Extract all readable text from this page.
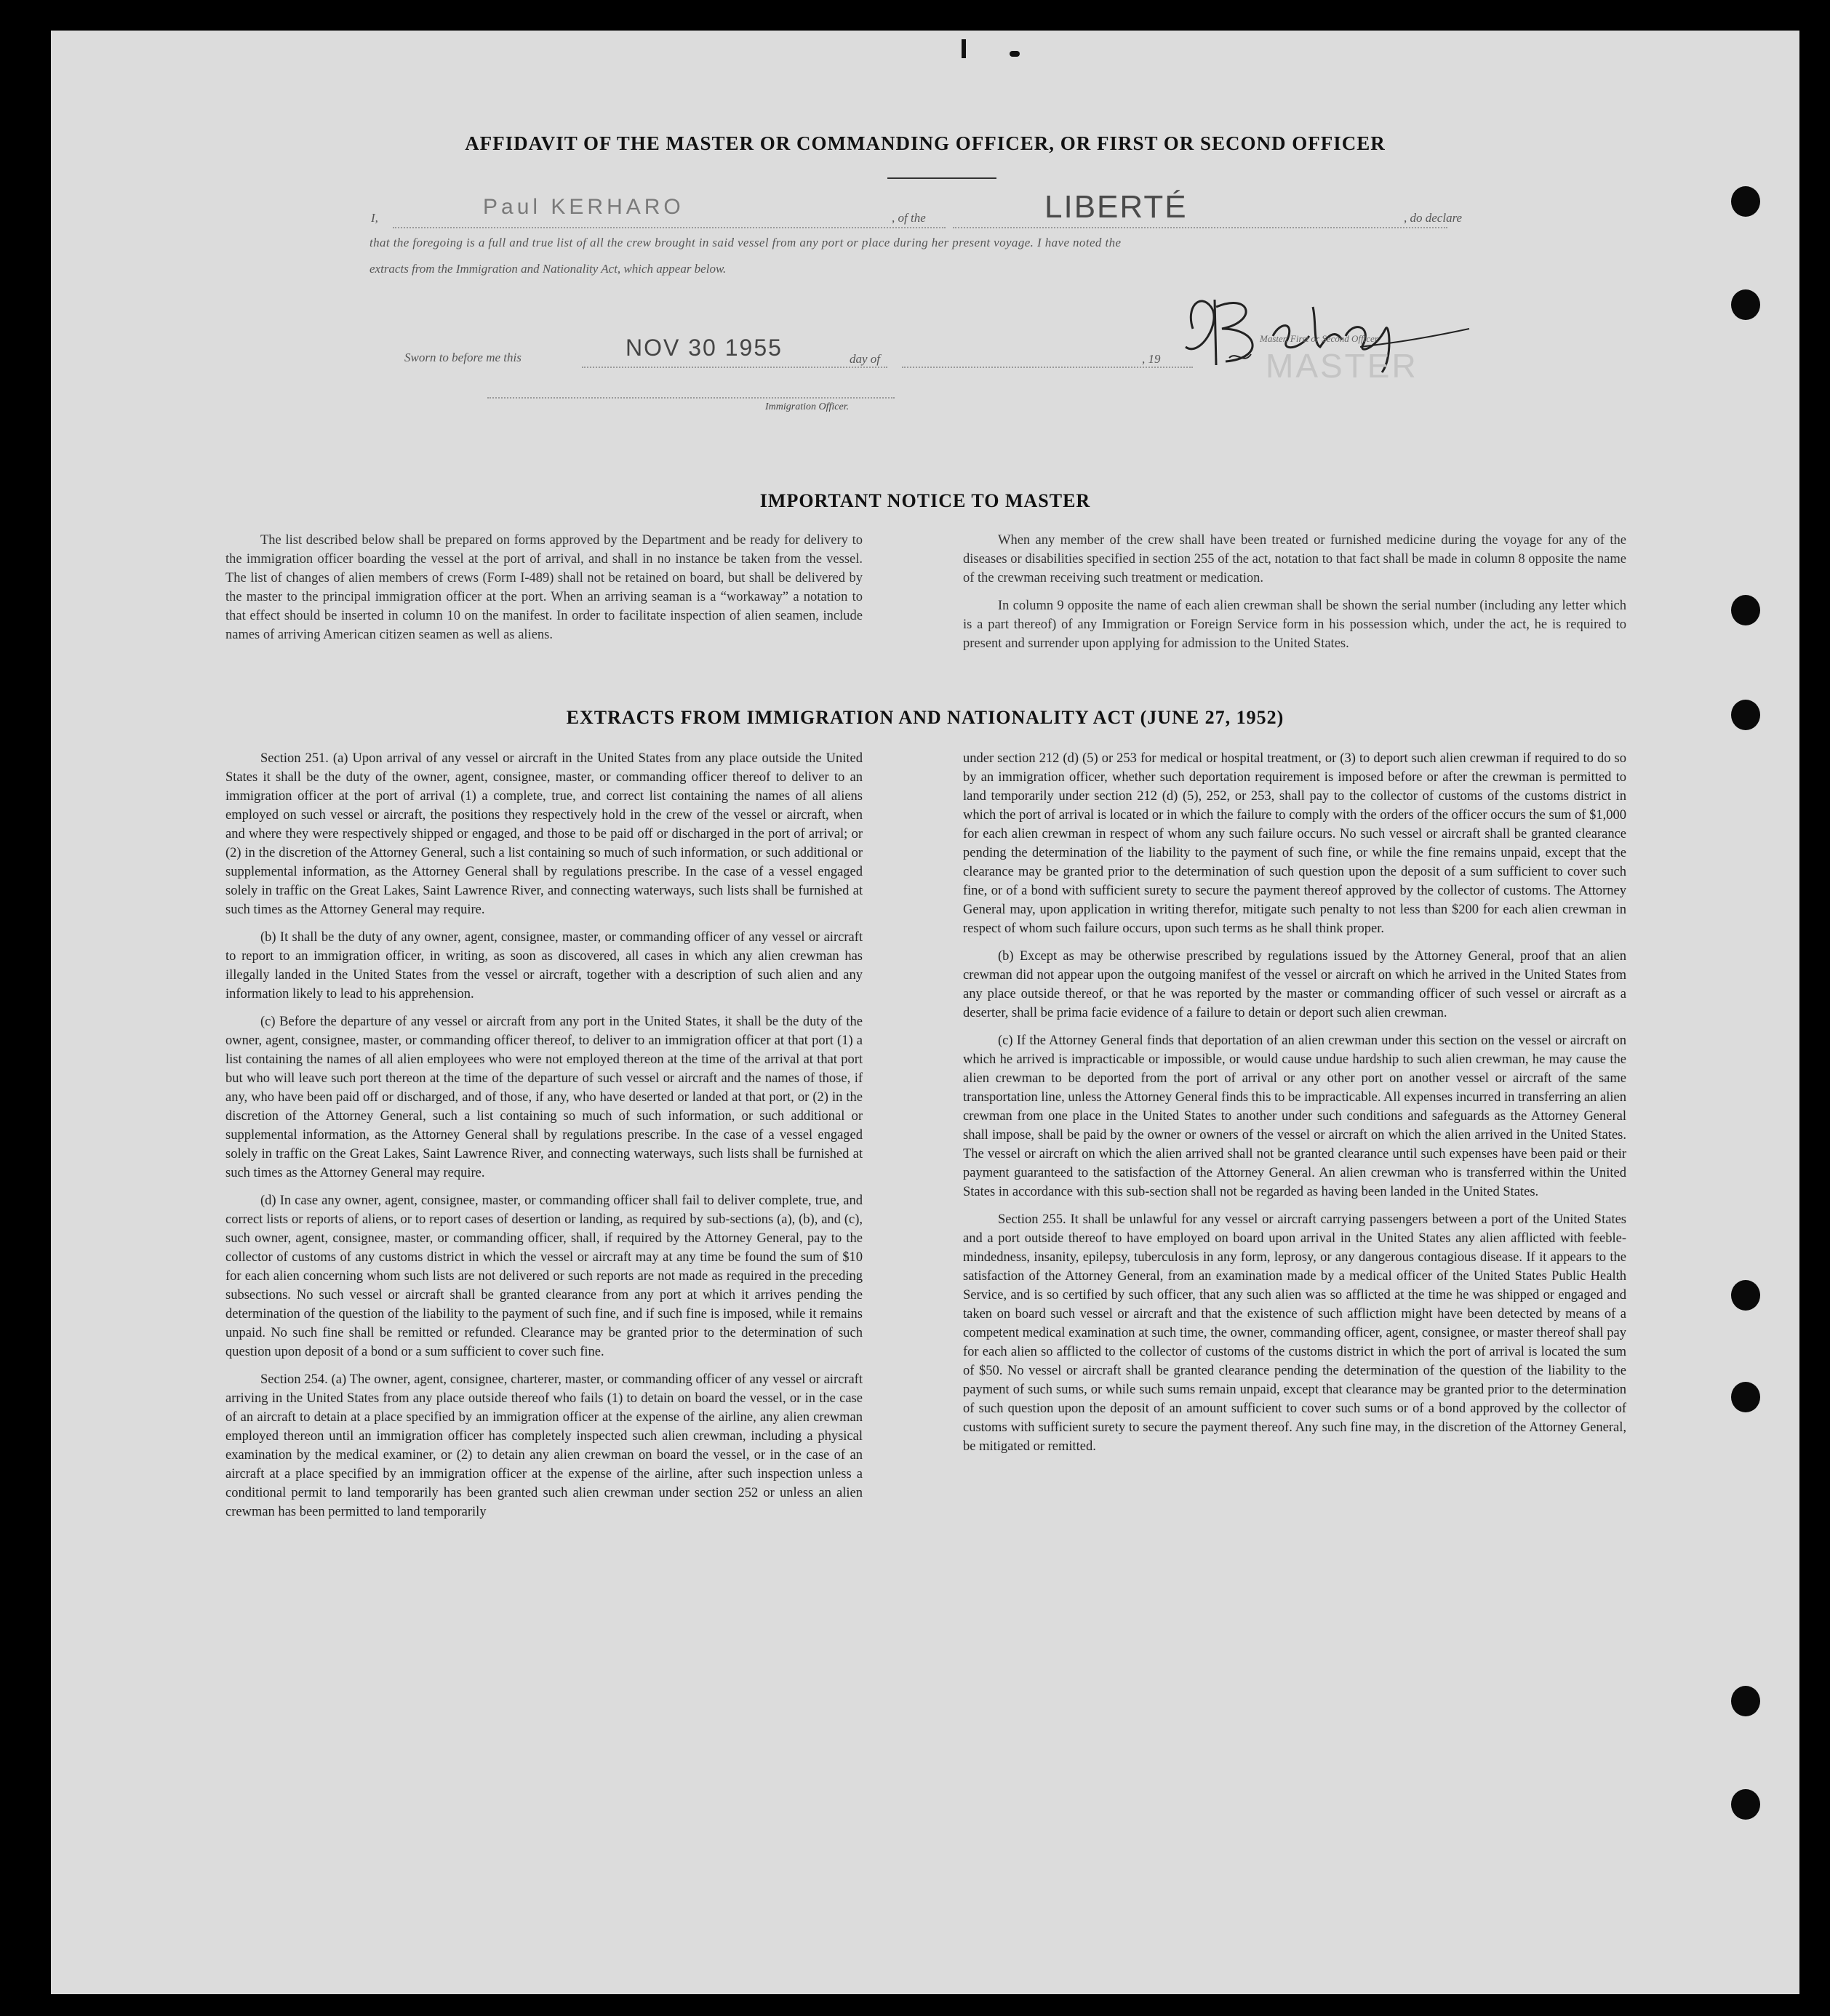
AFFIDAVIT OF THE MASTER OR COMMANDING OFFICER, OR FIRST OR SECOND OFFICER
I,	Paul KERHARO	, of the	LIBERTÉ	, do declare
that the foregoing is a full and true list of all the crew brought in said vessel from any port or place during her present voyage. I have noted the
extracts from the Immigration and Nationality Act, which appear below.
Master, First or Second Officer.
MASTER
Sworn to before me this	NOV 30 1955	day of	, 19
Immigration Officer.
IMPORTANT NOTICE TO MASTER

The list described below shall be prepared on forms approved by the Department and be ready for delivery to the immigration officer boarding the vessel at the port of arrival, and shall in no instance be taken from the vessel. The list of changes of alien members of crews (Form I-489) shall not be retained on board, but shall be delivered by the master to the principal immigration officer at the port. When an arriving seaman is a “workaway” a notation to that effect should be inserted in column 10 on the manifest. In order to facilitate inspection of alien seamen, include names of arriving American citizen seamen as well as aliens.

When any member of the crew shall have been treated or furnished medicine during the voyage for any of the diseases or disabilities specified in section 255 of the act, notation to that fact shall be made in column 8 opposite the name of the crewman receiving such treatment or medication.

In column 9 opposite the name of each alien crewman shall be shown the serial number (including any letter which is a part thereof) of any Immigration or Foreign Service form in his possession which, under the act, he is required to present and surrender upon applying for admission to the United States.

EXTRACTS FROM IMMIGRATION AND NATIONALITY ACT (JUNE 27, 1952)

Section 251. (a) Upon arrival of any vessel or aircraft in the United States from any place outside the United States it shall be the duty of the owner, agent, consignee, master, or commanding officer thereof to deliver to an immigration officer at the port of arrival (1) a complete, true, and correct list containing the names of all aliens employed on such vessel or aircraft, the positions they respectively hold in the crew of the vessel or aircraft, when and where they were respectively shipped or engaged, and those to be paid off or discharged in the port of arrival; or (2) in the discretion of the Attorney General, such a list containing so much of such information, or such additional or supplemental information, as the Attorney General shall by regulations prescribe. In the case of a vessel engaged solely in traffic on the Great Lakes, Saint Lawrence River, and connecting waterways, such lists shall be furnished at such times as the Attorney General may require.

(b) It shall be the duty of any owner, agent, consignee, master, or commanding officer of any vessel or aircraft to report to an immigration officer, in writing, as soon as discovered, all cases in which any alien crewman has illegally landed in the United States from the vessel or aircraft, together with a description of such alien and any information likely to lead to his apprehension.

(c) Before the departure of any vessel or aircraft from any port in the United States, it shall be the duty of the owner, agent, consignee, master, or commanding officer thereof, to deliver to an immigration officer at that port (1) a list containing the names of all alien employees who were not employed thereon at the time of the arrival at that port but who will leave such port thereon at the time of the departure of such vessel or aircraft and the names of those, if any, who have been paid off or discharged, and of those, if any, who have deserted or landed at that port, or (2) in the discretion of the Attorney General, such a list containing so much of such information, or such additional or supplemental information, as the Attorney General shall by regulations prescribe. In the case of a vessel engaged solely in traffic on the Great Lakes, Saint Lawrence River, and connecting waterways, such lists shall be furnished at such times as the Attorney General may require.

(d) In case any owner, agent, consignee, master, or commanding officer shall fail to deliver complete, true, and correct lists or reports of aliens, or to report cases of desertion or landing, as required by sub-sections (a), (b), and (c), such owner, agent, consignee, master, or commanding officer, shall, if required by the Attorney General, pay to the collector of customs of any customs district in which the vessel or aircraft may at any time be found the sum of $10 for each alien concerning whom such lists are not delivered or such reports are not made as required in the preceding subsections. No such vessel or aircraft shall be granted clearance from any port at which it arrives pending the determination of the question of the liability to the payment of such fine, and if such fine is imposed, while it remains unpaid. No such fine shall be remitted or refunded. Clearance may be granted prior to the determination of such question upon deposit of a bond or a sum sufficient to cover such fine.

Section 254. (a) The owner, agent, consignee, charterer, master, or commanding officer of any vessel or aircraft arriving in the United States from any place outside thereof who fails (1) to detain on board the vessel, or in the case of an aircraft to detain at a place specified by an immigration officer at the expense of the airline, any alien crewman employed thereon until an immigration officer has completely inspected such alien crewman, including a physical examination by the medical examiner, or (2) to detain any alien crewman on board the vessel, or in the case of an aircraft at a place specified by an immigration officer at the expense of the airline, after such inspection unless a conditional permit to land temporarily has been granted such alien crewman under section 252 or unless an alien crewman has been permitted to land temporarily

under section 212 (d) (5) or 253 for medical or hospital treatment, or (3) to deport such alien crewman if required to do so by an immigration officer, whether such deportation requirement is imposed before or after the crewman is permitted to land temporarily under section 212 (d) (5), 252, or 253, shall pay to the collector of customs of the customs district in which the port of arrival is located or in which the failure to comply with the orders of the officer occurs the sum of $1,000 for each alien crewman in respect of whom any such failure occurs. No such vessel or aircraft shall be granted clearance pending the determination of the liability to the payment of such fine, or while the fine remains unpaid, except that the clearance may be granted prior to the determination of such question upon the deposit of a sum sufficient to cover such fine, or of a bond with sufficient surety to secure the payment thereof approved by the collector of customs. The Attorney General may, upon application in writing therefor, mitigate such penalty to not less than $200 for each alien crewman in respect of whom such failure occurs, upon such terms as he shall think proper.

(b) Except as may be otherwise prescribed by regulations issued by the Attorney General, proof that an alien crewman did not appear upon the outgoing manifest of the vessel or aircraft on which he arrived in the United States from any place outside thereof, or that he was reported by the master or commanding officer of such vessel or aircraft as a deserter, shall be prima facie evidence of a failure to detain or deport such alien crewman.

(c) If the Attorney General finds that deportation of an alien crewman under this section on the vessel or aircraft on which he arrived is impracticable or impossible, or would cause undue hardship to such alien crewman, he may cause the alien crewman to be deported from the port of arrival or any other port on another vessel or aircraft of the same transportation line, unless the Attorney General finds this to be impracticable. All expenses incurred in transferring an alien crewman from one place in the United States to another under such conditions and safeguards as the Attorney General shall impose, shall be paid by the owner or owners of the vessel or aircraft on which the alien arrived in the United States. The vessel or aircraft on which the alien arrived shall not be granted clearance until such expenses have been paid or their payment guaranteed to the satisfaction of the Attorney General. An alien crewman who is transferred within the United States in accordance with this sub-section shall not be regarded as having been landed in the United States.

Section 255. It shall be unlawful for any vessel or aircraft carrying passengers between a port of the United States and a port outside thereof to have employed on board upon arrival in the United States any alien afflicted with feeble-mindedness, insanity, epilepsy, tuberculosis in any form, leprosy, or any dangerous contagious disease. If it appears to the satisfaction of the Attorney General, from an examination made by a medical officer of the United States Public Health Service, and is so certified by such officer, that any such alien was so afflicted at the time he was shipped or engaged and taken on board such vessel or aircraft and that the existence of such affliction might have been detected by means of a competent medical examination at such time, the owner, commanding officer, agent, consignee, or master thereof shall pay for each alien so afflicted to the collector of customs of the customs district in which the port of arrival is located the sum of $50. No vessel or aircraft shall be granted clearance pending the determination of the question of the liability to the payment of such sums, or while such sums remain unpaid, except that clearance may be granted prior to the determination of such question upon the deposit of an amount sufficient to cover such sums or of a bond approved by the collector of customs with sufficient surety to secure the payment thereof. Any such fine may, in the discretion of the Attorney General, be mitigated or remitted.
